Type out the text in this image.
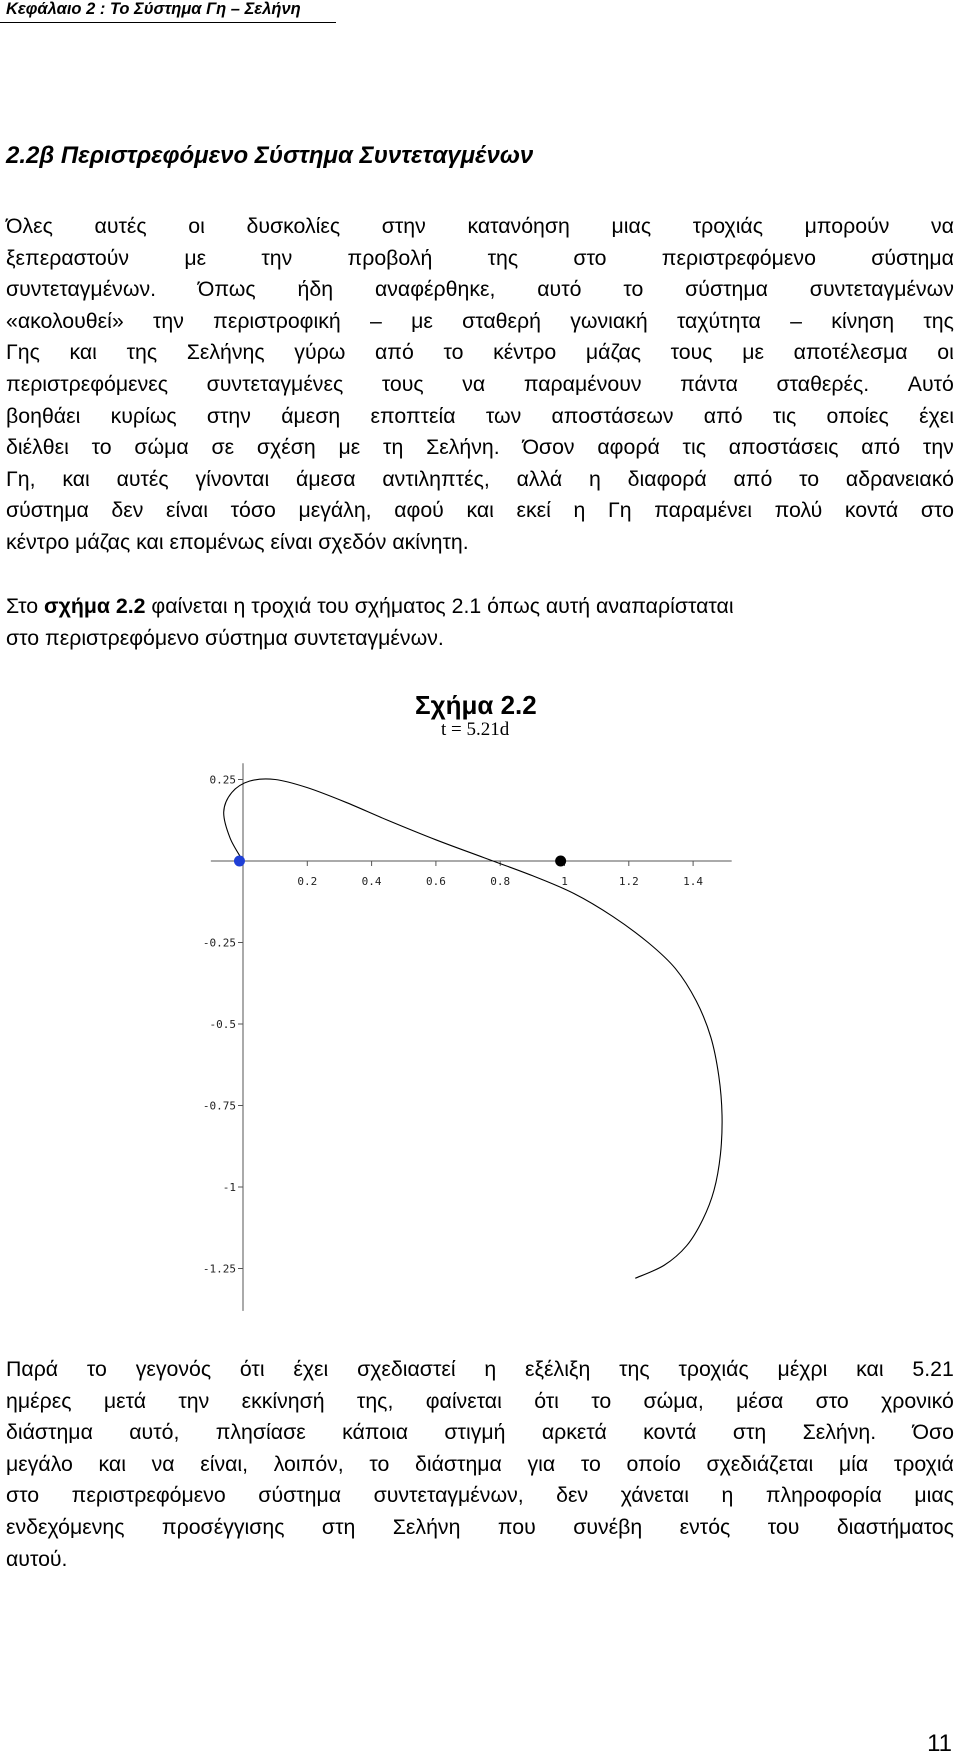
Κεφάλαιο 2 : Το Σύστημα Γη – Σελήνη
2.2β Περιστρεφόμενο Σύστημα Συντεταγμένων
Όλες αυτές οι δυσκολίες στην κατανόηση μιας τροχιάς μπορούν να
ξεπεραστούν	με	την	προβολή	της	στο	περιστρεφόμενο	σύστημα
συντεταγμένων. Όπως ήδη αναφέρθηκε, αυτό το σύστημα συντεταγμένων
«ακολουθεί» την περιστροφική – με σταθερή γωνιακή ταχύτητα – κίνηση της
Γης και της Σελήνης γύρω από το κέντρο μάζας τους με αποτέλεσμα οι
περιστρεφόμενες συντεταγμένες τους να παραμένουν πάντα σταθερές. Αυτό
βοηθάει κυρίως στην άμεση εποπτεία των αποστάσεων από τις οποίες έχει
διέλθει το σώμα σε σχέση με τη Σελήνη. Όσον αφορά τις αποστάσεις από την
Γη, και αυτές γίνονται άμεσα αντιληπτές, αλλά η διαφορά από το αδρανειακό
σύστημα δεν είναι τόσο μεγάλη, αφού και εκεί η Γη παραμένει πολύ κοντά στο
κέντρο μάζας και επομένως είναι σχεδόν ακίνητη.
Στο σχήμα 2.2 φαίνεται η τροχιά του σχήματος 2.1 όπως αυτή αναπαρίσταται
στο περιστρεφόμενο σύστημα συντεταγμένων.
Σχήμα 2.2
t = 5.21d
0.2	0.4	0.6	0.8	1	1.2	1.4
0.25
-0.25
-0.5
-0.75
-1
-1.25
Παρά το γεγονός ότι έχει σχεδιαστεί η εξέλιξη της τροχιάς μέχρι και 5.21
ημέρες μετά την εκκίνησή της, φαίνεται ότι το σώμα, μέσα στο χρονικό
διάστημα αυτό, πλησίασε κάποια στιγμή αρκετά κοντά στη Σελήνη. Όσο
μεγάλο και να είναι, λοιπόν, το διάστημα για το οποίο σχεδιάζεται μία τροχιά
στο περιστρεφόμενο σύστημα συντεταγμένων, δεν χάνεται η πληροφορία μιας
ενδεχόμενης προσέγγισης στη Σελήνη που συνέβη εντός του διαστήματος
αυτού.
11
